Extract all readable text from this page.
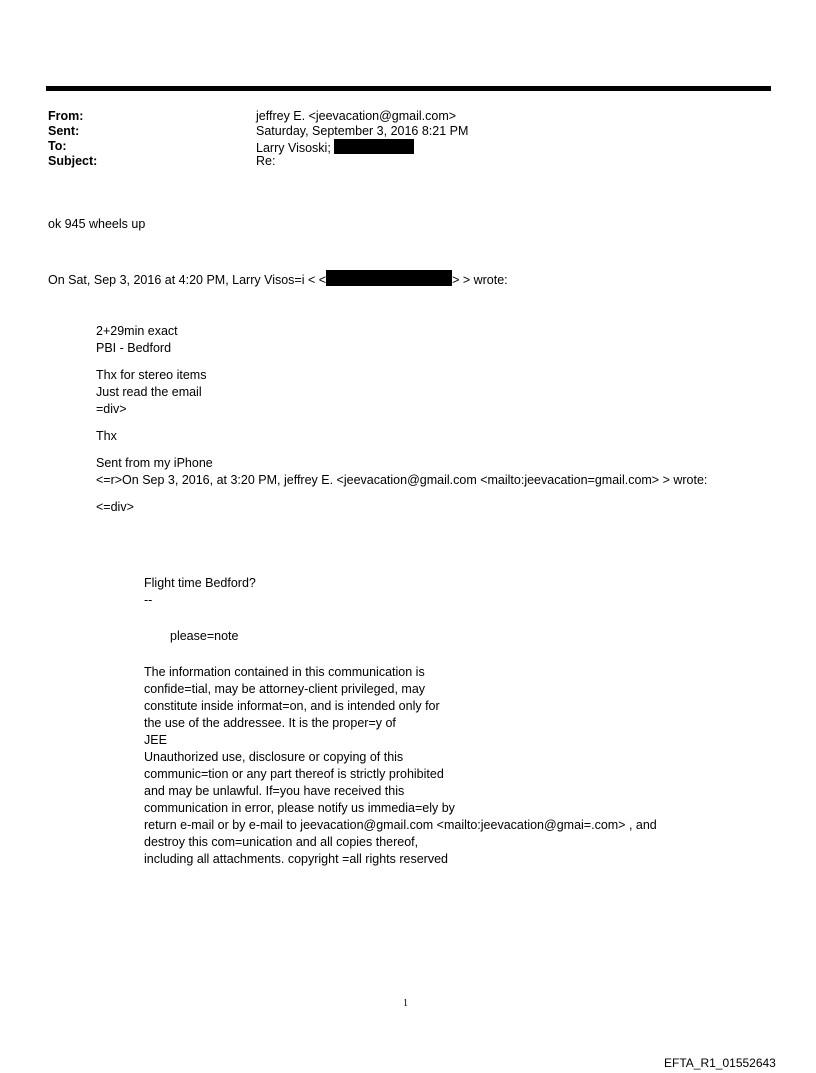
From:	jeffrey E. <jeevacation@gmail.com>
Sent:	Saturday, September 3, 2016 8:21 PM
To:	Larry Visoski;
Subject:	Re:
ok 945 wheels up
On Sat, Sep 3, 2016 at 4:20 PM, Larry Visos=i < <	> > wrote:
2+29min exact
PBI - Bedford
Thx for stereo items
Just read the email
=div>
Thx
Sent from my iPhone
<=r>On Sep 3, 2016, at 3:20 PM, jeffrey E. <jeevacation@gmail.com <mailto:jeevacation=gmail.com> > wrote:
<=div>
Flight time Bedford?
--
please=note
The information contained in this communication is
confide=tial, may be attorney-client privileged, may
constitute inside informat=on, and is intended only for
the use of the addressee. It is the proper=y of
JEE
Unauthorized use, disclosure or copying of this
communic=tion or any part thereof is strictly prohibited
and may be unlawful. If=you have received this
communication in error, please notify us immedia=ely by
return e-mail or by e-mail to jeevacation@gmail.com <mailto:jeevacation@gmai=.com> , and
destroy this com=unication and all copies thereof,
including all attachments. copyright =all rights reserved
1
EFTA_R1_01552643
